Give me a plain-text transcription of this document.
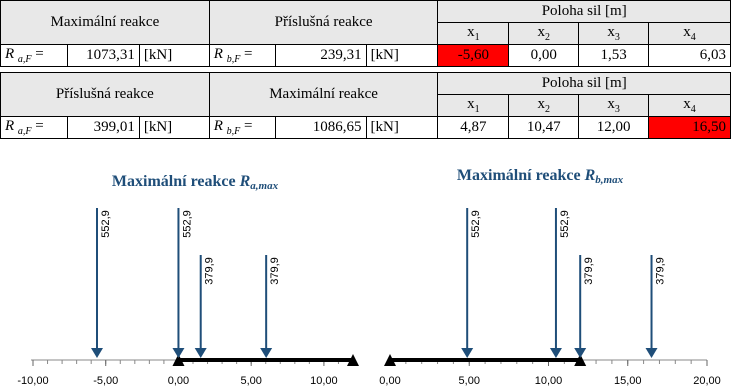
Maximální reakce			Příslušná reakce			Poloha sil [m]			
						$x_1$	$x_2$	$x_3$	$x_4$
R $_{a,F}$ =	1073,31	[kN]	R $_{b,F}$ =	239,31	[kN]	-5,60	0,00	1,53	6,03
Příslušná reakce			Maximální reakce			Poloha sil [m]			
						$x_1$	$x_2$	$x_3$	$x_4$
R $_{a,F}$ =	399,01	[kN]	R $_{b,F}$ =	1086,65	[kN]	4,87	10,47	12,00	16,50
Maximální reakce Ra,max
-10,00	-5,00	0,00	5,00	10,00
552,9	552,9
379,9	379,9
Maximální reakce Rb,max
0,00	5,00	10,00	15,00	20,00
552,9	552,9
379,9	379,9
